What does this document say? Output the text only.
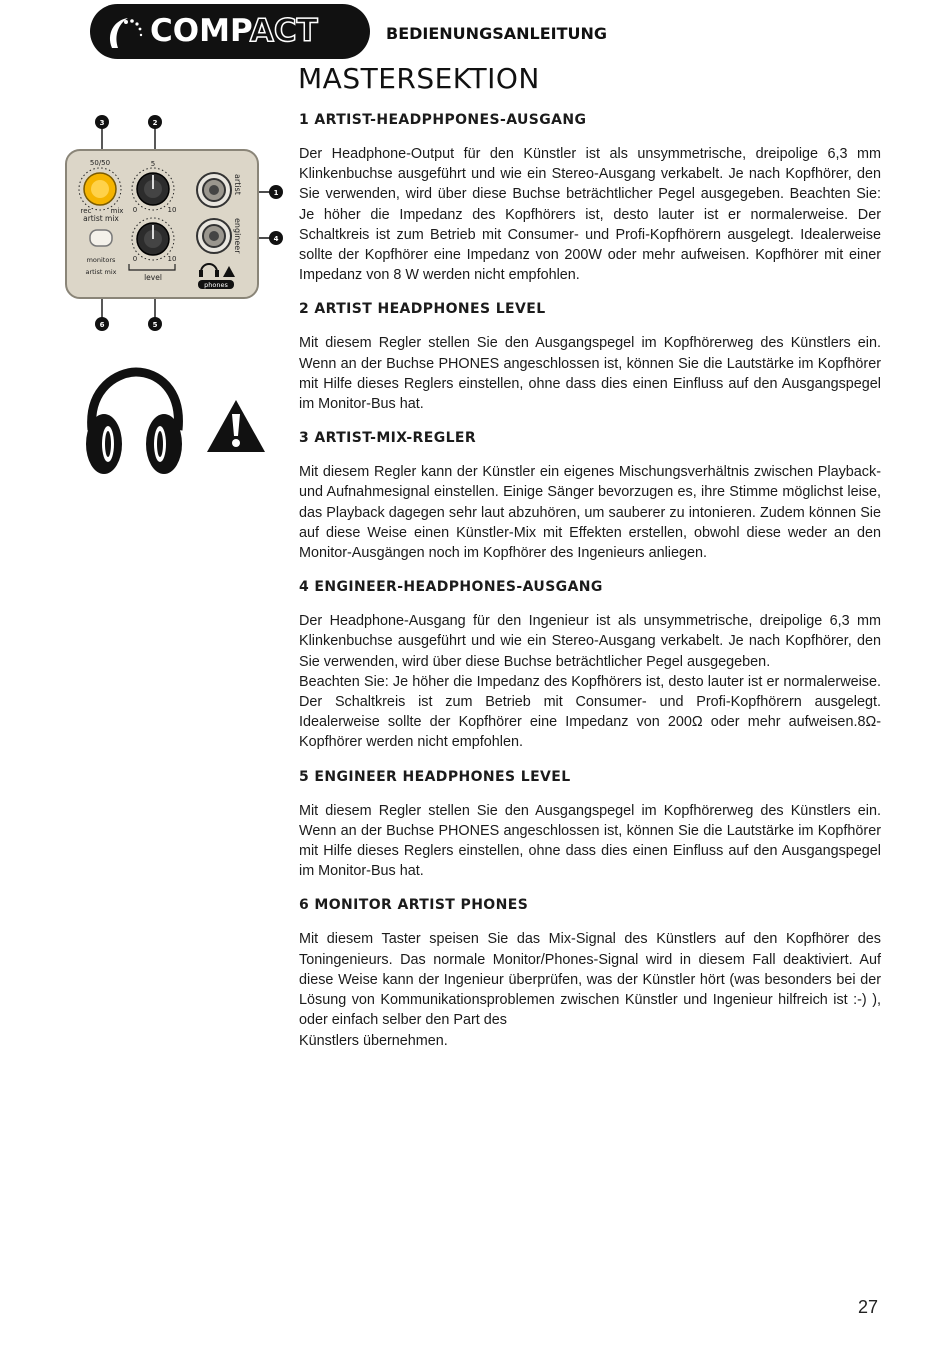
COMPACT	BEDIENUNGSANLEITUNG
MASTERSEKTION
50/50
rec	mix
artist mix
5
0	10
0	10
monitors
artist mix
level
artist
engineer
phones
3	2
1
4
6	5
1 ARTIST-HEADPHPONES-AUSGANG

Der Headphone-Output für den Künstler ist als unsymmetrische, dreipolige 6,3 mm Klinkenbuchse ausgeführt und wie ein Stereo-Ausgang verkabelt. Je nach Kopfhörer, den Sie verwenden, wird über diese Buchse beträchtlicher Pegel ausgegeben. Beachten Sie: Je höher die Impedanz des Kopfhörers ist, desto lauter ist er normalerweise. Der Schaltkreis ist zum Betrieb mit Consumer- und Profi-Kopfhörern ausgelegt. Idealerweise sollte der Kopfhörer eine Impedanz von 200W oder mehr aufweisen. Kopfhörer mit einer Impedanz von 8 W werden nicht empfohlen.

2 ARTIST HEADPHONES LEVEL

Mit diesem Regler stellen Sie den Ausgangspegel im Kopfhörerweg des Künstlers ein. Wenn an der Buchse PHONES angeschlossen ist, können Sie die Lautstärke im Kopfhörer mit Hilfe dieses Reglers einstellen, ohne dass dies einen Einfluss auf den Ausgangspegel im Monitor-Bus hat.

3 ARTIST-MIX-REGLER

Mit diesem Regler kann der Künstler ein eigenes Mischungsverhältnis zwischen Playback-und Aufnahmesignal einstellen. Einige Sänger bevorzugen es, ihre Stimme möglichst leise, das Playback dagegen sehr laut abzuhören, um sauberer zu intonieren. Zudem können Sie auf diese Weise einen Künstler-Mix mit Effekten erstellen, obwohl diese weder an den Monitor-Ausgängen noch im Kopfhörer des Ingenieurs anliegen.

4 ENGINEER-HEADPHONES-AUSGANG

Der Headphone-Ausgang für den Ingenieur ist als unsymmetrische, dreipolige 6,3 mm Klinkenbuchse ausgeführt und wie ein Stereo-Ausgang verkabelt. Je nach Kopfhörer, den Sie verwenden, wird über diese Buchse beträchtlicher Pegel ausgegeben.

Beachten Sie: Je höher die Impedanz des Kopfhörers ist, desto lauter ist er normalerweise. Der Schaltkreis ist zum Betrieb mit Consumer- und Profi-Kopfhörern ausgelegt. Idealerweise sollte der Kopfhörer eine Impedanz von 200Ω oder mehr aufweisen.8Ω-Kopfhörer werden nicht empfohlen.

5 ENGINEER HEADPHONES LEVEL

Mit diesem Regler stellen Sie den Ausgangspegel im Kopfhörerweg des Künstlers ein. Wenn an der Buchse PHONES angeschlossen ist, können Sie die Lautstärke im Kopfhörer mit Hilfe dieses Reglers einstellen, ohne dass dies einen Einfluss auf den Ausgangspegel im Monitor-Bus hat.

6 MONITOR ARTIST PHONES

Mit diesem Taster speisen Sie das Mix-Signal des Künstlers auf den Kopfhörer des Toningenieurs. Das normale Monitor/Phones-Signal wird in diesem Fall deaktiviert. Auf diese Weise kann der Ingenieur überprüfen, was der Künstler hört (was besonders bei der Lösung von Kommunikationsproblemen zwischen Künstler und Ingenieur hilfreich ist :-) ), oder einfach selber den Part des

Künstlers übernehmen.

27
